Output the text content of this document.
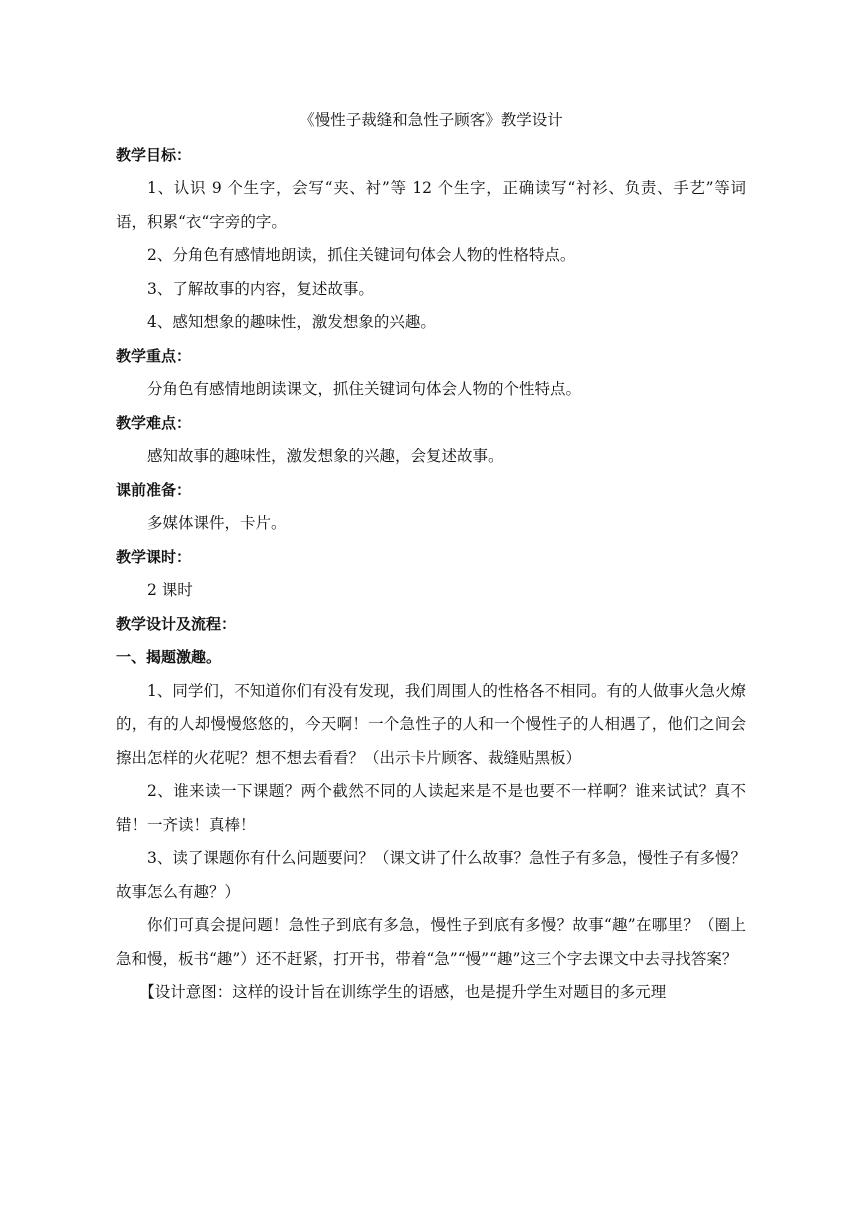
《慢性子裁缝和急性子顾客》教学设计
教学目标：
1、认识 9 个生字，会写“夹、衬”等 12 个生字，正确读写“衬衫、负责、手艺”等词语，积累“衣“字旁的字。
2、分角色有感情地朗读，抓住关键词句体会人物的性格特点。
3、了解故事的内容，复述故事。
4、感知想象的趣味性，激发想象的兴趣。
教学重点：
分角色有感情地朗读课文，抓住关键词句体会人物的个性特点。
教学难点：
感知故事的趣味性，激发想象的兴趣，会复述故事。
课前准备：
多媒体课件，卡片。
教学课时：
2 课时
教学设计及流程：
一、揭题激趣。
1、同学们，不知道你们有没有发现，我们周围人的性格各不相同。有的人做事火急火燎的，有的人却慢慢悠悠的，今天啊！一个急性子的人和一个慢性子的人相遇了，他们之间会擦出怎样的火花呢？想不想去看看？（出示卡片顾客、裁缝贴黑板）
2、谁来读一下课题？两个截然不同的人读起来是不是也要不一样啊？谁来试试？真不错！一齐读！真棒！
3、读了课题你有什么问题要问？（课文讲了什么故事？急性子有多急，慢性子有多慢？故事怎么有趣？）
你们可真会提问题！急性子到底有多急，慢性子到底有多慢？故事“趣”在哪里？（圈上急和慢，板书“趣”）还不赶紧，打开书，带着“急”“慢”“趣”这三个字去课文中去寻找答案？
【设计意图：这样的设计旨在训练学生的语感，也是提升学生对题目的多元理
